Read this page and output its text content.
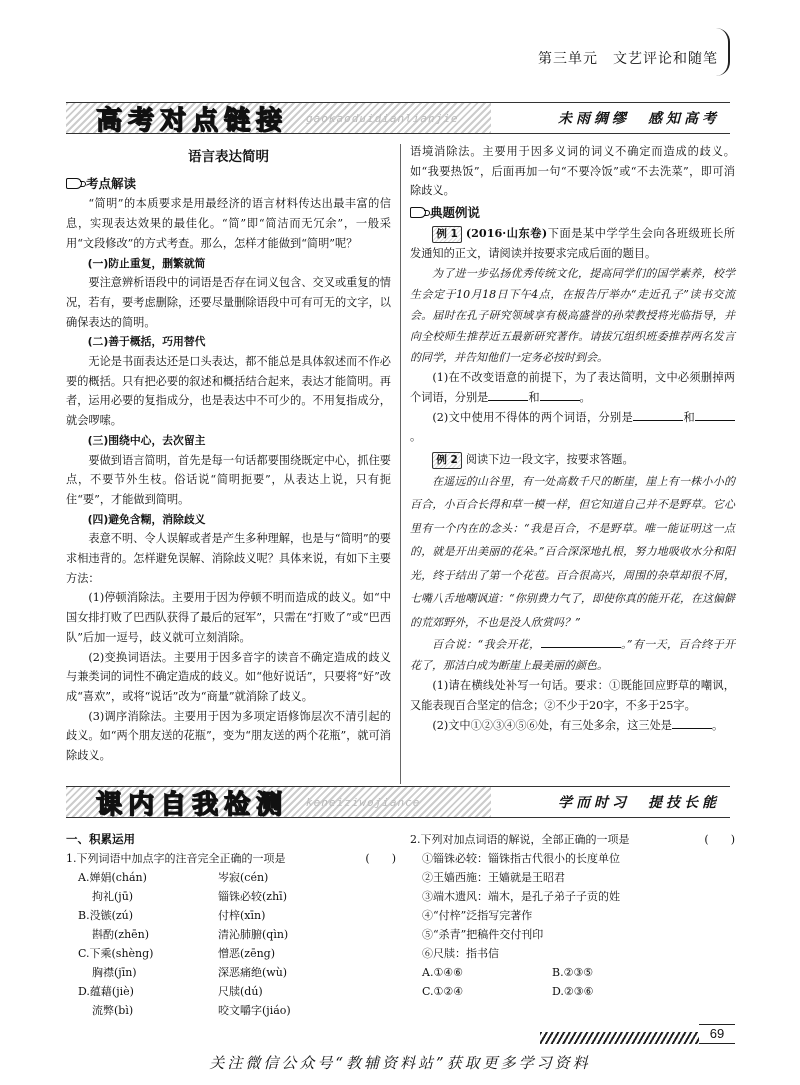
第三单元　文艺评论和随笔
高考对点链接 gaokaoduidianlianjie	未雨绸缪　感知高考
语言表达简明
考点解读

“简明”的本质要求是用最经济的语言材料传达出最丰富的信息，实现表达效果的最佳化。“简”即“简洁而无冗余”，一般采用“文段修改”的方式考查。那么，怎样才能做到“简明”呢？

(一)防止重复，删繁就简

要注意辨析语段中的词语是否存在词义包含、交叉或重复的情况，若有，要考虑删除，还要尽量删除语段中可有可无的文字，以确保表达的简明。

(二)善于概括，巧用替代

无论是书面表达还是口头表达，都不能总是具体叙述而不作必要的概括。只有把必要的叙述和概括结合起来，表达才能简明。再者，运用必要的复指成分，也是表达中不可少的。不用复指成分，就会啰嗦。

(三)围绕中心，去次留主

要做到语言简明，首先是每一句话都要围绕既定中心，抓住要点，不要节外生枝。俗话说“简明扼要”，从表达上说，只有扼住“要”，才能做到简明。

(四)避免含糊，消除歧义

表意不明、令人误解或者是产生多种理解，也是与“简明”的要求相违背的。怎样避免误解、消除歧义呢？具体来说，有如下主要方法：

(1)停顿消除法。主要用于因为停顿不明而造成的歧义。如“中国女排打败了巴西队获得了最后的冠军”，只需在“打败了”或“巴西队”后加一逗号，歧义就可立刻消除。

(2)变换词语法。主要用于因多音字的读音不确定造成的歧义与兼类词的词性不确定造成的歧义。如“他好说话”，只要将“好”改成“喜欢”，或将“说话”改为“商量”就消除了歧义。

(3)调序消除法。主要用于因为多项定语修饰层次不清引起的歧义。如“两个朋友送的花瓶”，变为“朋友送的两个花瓶”，就可消除歧义。

语境消除法。主要用于因多义词的词义不确定而造成的歧义。如“我要热饭”，后面再加一句“不要冷饭”或“不去洗菜”，即可消除歧义。

典题例说

例 1 (2016·山东卷)下面是某中学学生会向各班级班长所发通知的正文，请阅读并按要求完成后面的题目。

为了进一步弘扬优秀传统文化，提高同学们的国学素养，校学生会定于10月18日下午4点，在报告厅举办“走近孔子”读书交流会。届时在孔子研究领域享有极高盛誉的孙荣教授将光临指导，并向全校师生推荐近五最新研究著作。请拔冗组织班委推荐两名发言的同学，并告知他们一定务必按时到会。

(1)在不改变语意的前提下，为了表达简明，文中必须删掉两个词语，分别是	和	。

(2)文中使用不得体的两个词语，分别是	和。

例 2 阅读下边一段文字，按要求答题。

在遥远的山谷里，有一处高数千尺的断崖，崖上有一株小小的百合，小百合长得和草一模一样，但它知道自己并不是野草。它心里有一个内在的念头：“我是百合，不是野草。唯一能证明这一点的，就是开出美丽的花朵。”百合深深地扎根，努力地吸收水分和阳光，终于结出了第一个花苞。百合很高兴，周围的杂草却很不屑，七嘴八舌地嘲讽道：“你别费力气了，即使你真的能开花，在这偏僻的荒郊野外，不也是没人欣赏吗？”

百合说：“我会开花，	。”有一天，百合终于开花了，那洁白成为断崖上最美丽的颜色。

(1)请在横线处补写一句话。要求：①既能回应野草的嘲讽，又能表现百合坚定的信念；②不少于20字，不多于25字。

(2)文中①②③④⑤⑥处，有三处多余，这三处是	。

课内自我检测 keneiziwojiance	学而时习　提技长能
一、积累运用
1.下列词语中加点字的注音完全正确的一项是	(　　)
A.婵娟(chán)	岑寂(cén)
拘礼(jū)	锱铢必较(zhī)
B.没镞(zú)	付梓(xīn)
斟酌(zhēn)	清沁肺腑(qìn)
C.下乘(shèng)	憎恶(zēng)
胸襟(jīn)	深恶痛绝(wù)
D.蕴藉(jiè)	尺牍(dú)
流弊(bì)	咬文嚼字(jiáo)
2.下列对加点词语的解说，全部正确的一项是	(　　)
①锱铢必较：锱铢指古代很小的长度单位
②王嫱西施：王嫱就是王昭君
③端木遗风：端木，是孔子弟子子贡的姓
④“付梓”泛指写完著作
⑤“杀青”把稿件交付刊印
⑥尺牍：指书信
A.①④⑥	B.②③⑤
C.①②④	D.②③⑥
69
关注微信公众号“教辅资料站”获取更多学习资料
